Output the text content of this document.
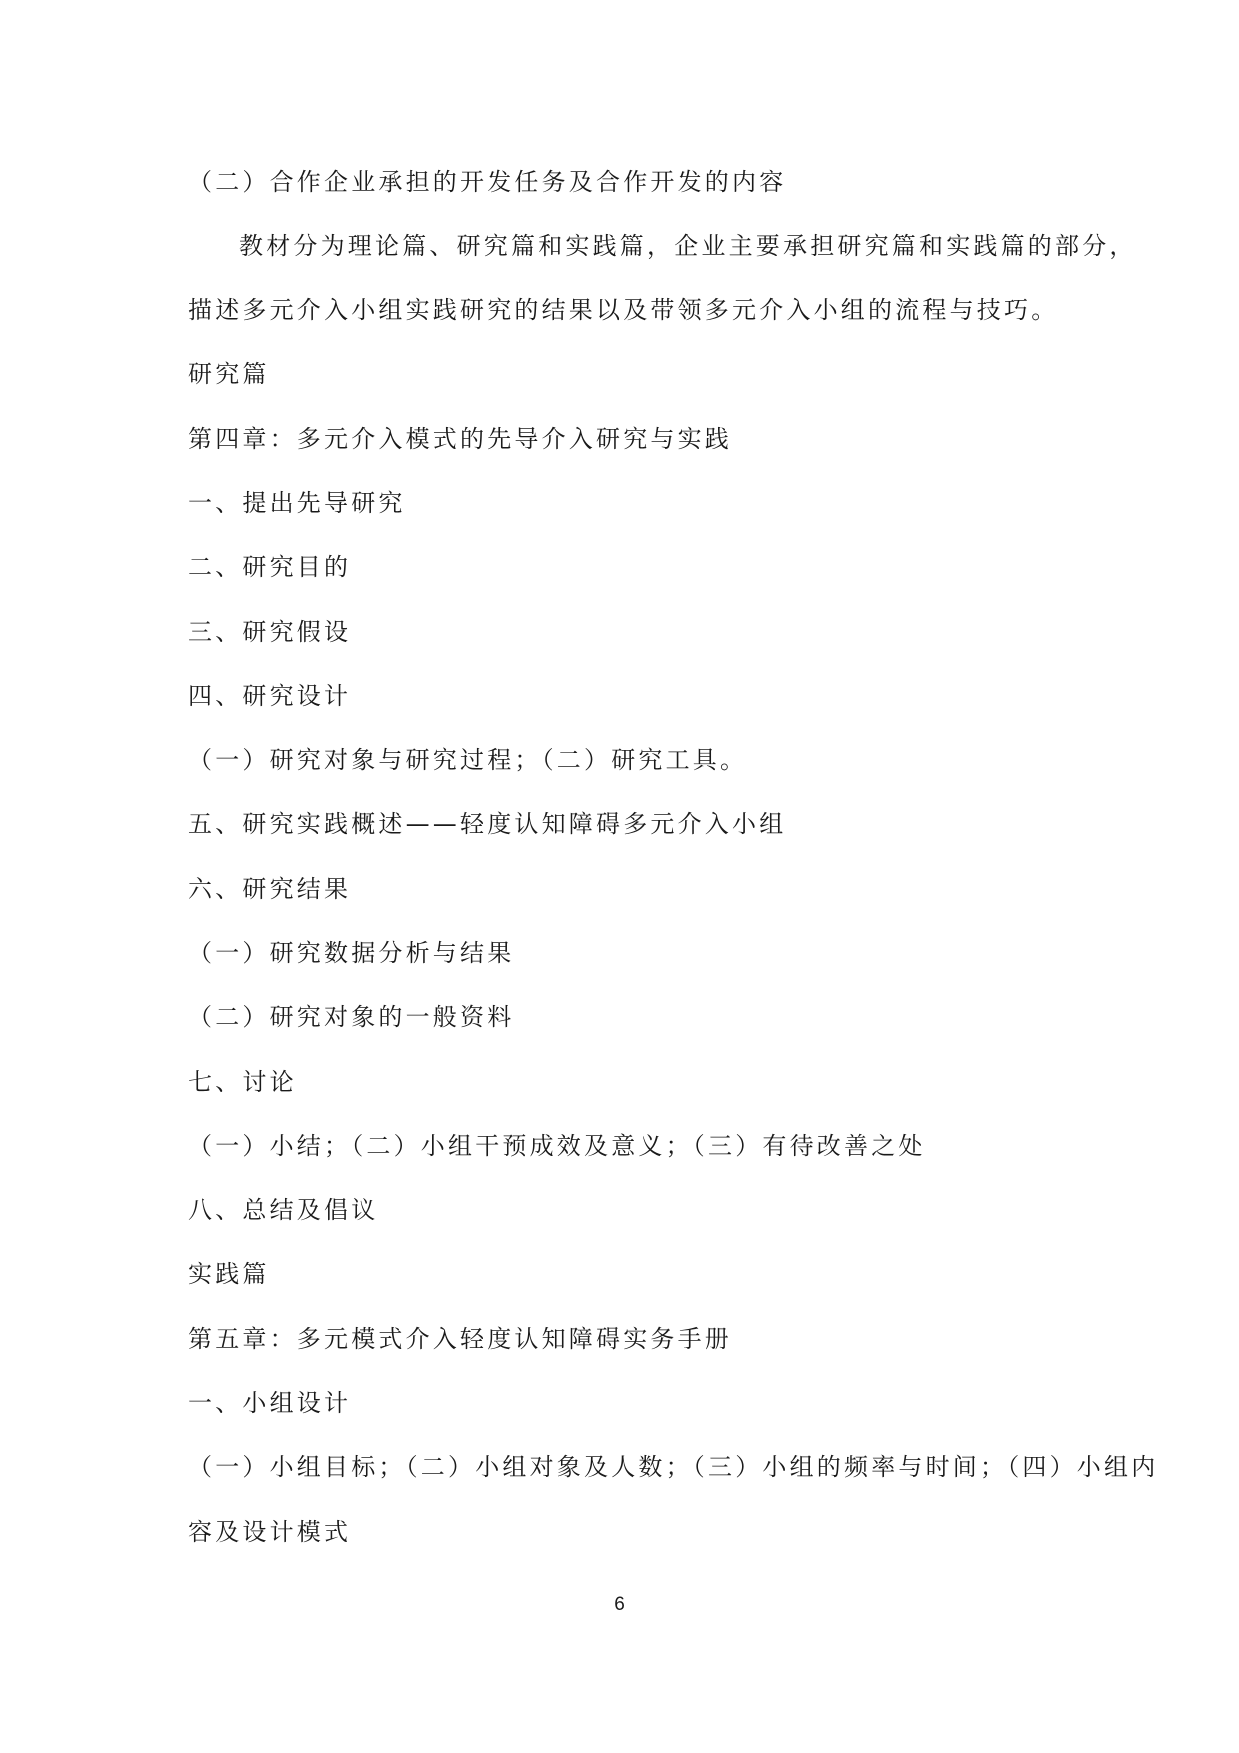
（二）合作企业承担的开发任务及合作开发的内容
教材分为理论篇、研究篇和实践篇，企业主要承担研究篇和实践篇的部分，
描述多元介入小组实践研究的结果以及带领多元介入小组的流程与技巧。
研究篇
第四章：多元介入模式的先导介入研究与实践
一、提出先导研究
二、研究目的
三、研究假设
四、研究设计
（一）研究对象与研究过程；（二）研究工具。
五、研究实践概述——轻度认知障碍多元介入小组
六、研究结果
（一）研究数据分析与结果
（二）研究对象的一般资料
七、讨论
（一）小结；（二）小组干预成效及意义；（三）有待改善之处
八、总结及倡议
实践篇
第五章：多元模式介入轻度认知障碍实务手册
一、小组设计
（一）小组目标；（二）小组对象及人数；（三）小组的频率与时间；（四）小组内
容及设计模式
6
